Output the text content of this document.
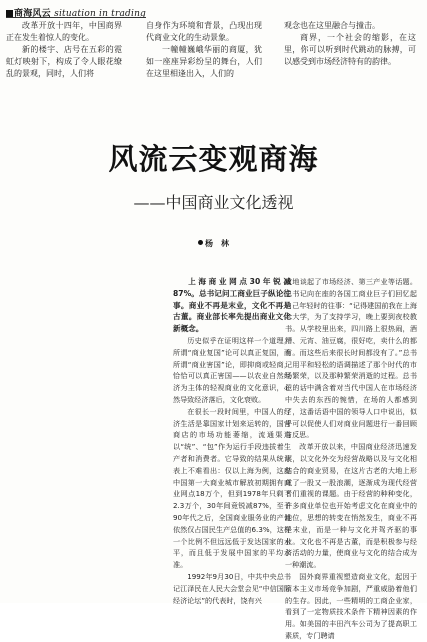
商海风云 situation in trading

改革开放十四年，中国商界正在发生着惊人的变化。

新的楼宇、店号在五彩的霓虹灯映射下，构成了令人眼花缭乱的景观，同时，人们将

自身作为环境和背景，凸现出现代商业文化的生动景象。

一幢幢巍峨华丽的商厦，犹如一座座异彩纷呈的舞台，人们在这里相逢出入，人们的

观念也在这里融合与撞击。

商界，一个社会的缩影，在这里，你可以听到时代跳动的脉搏，可以感受到市场经济特有的韵律。

风流云变观商海
——中国商业文化透视
杨　林

上海商业网点30年锐减87%。总书记问工商业巨子纵论往事。商业不再是末业，文化不再是古董。商业部长率先提出商业文化新概念。

历史似乎在证明这样一个道理，所谓“商业复国”论可以真正复国，而所谓“商业害国”论，即抑商或轻商，恰恰可以真正害国——以农业自然经济为主体的轻视商业的文化意识，必然导致经济落后，文化衰败。

在很长一段时间里，中国人的经济生活是靠国家计划来运转的，国营商店的市场功能萎缩，流通渠道以“统”、“包”作为运行手段违拔着生产者和消费者。它导致的结果从统计表上不难看出：仅以上海为例，这座中国第一大商业城市解放初期拥有商业网点18万个，但到1978年只剩下2.3万个，30年间竟锐减87%，至于90年代之后，全国商业服务业的产值依然仅占国民生产总值的6.3%，这样一个比例不但远远低于发达国家的水平，而且低于发展中国家的平均水准。

1992年9月30日，中共中央总书记江泽民在人民大会堂会见“中信国际经济论坛”的代表时，饶有兴

致地谈起了市场经济、第三产业等话题。总书记向在座的各国工商业巨子们回忆起自己年轻时的往事：“记得建国前我在上海念大学，为了支持学习，晚上要到夜校教书。从学校里出来，四川路上很热闹，酒糟、元宵、油豆腐，很好吃，卖什么的都有。而这些后来很长时间都没有了。”总书记用平和轻松的语调描述了那个时代的市场繁荣，以及那种繁荣消逝的过程。总书记的话中满含着对当代中国人在市场经济中失去的东西的惋惜，在场的人都感到了，这番话语中国的领导人口中说出，似乎可以促使人们对商业问题进行一番回顾与反思。

改革开放以来，中国商业经济迅速发展，以文化外交为经营战略以及与文化相结合的商业贸易，在这片古老的大地上形成了一股又一股浪潮，逐渐成为现代经营者们重视的课题。由于经营的种种变化，许多商业单位也开始考虑文化在商业中的地位，思想的转变在悄然发生，商业不再是末业，而是一种与文化并驾齐驱的事业。文化也不再是古董，而是积极参与经济活动的力量，使商业与文化的结合成为一种潮流。

国外商界重视塑造商业文化，起因于资本主义市场竞争加剧，严重威胁着他们的生存。因此，一些精明的工商企业家，看到了一定物质技术条件下精神因素的作用。如美国的丰田汽车公司为了提高职工素质，专门聘请
